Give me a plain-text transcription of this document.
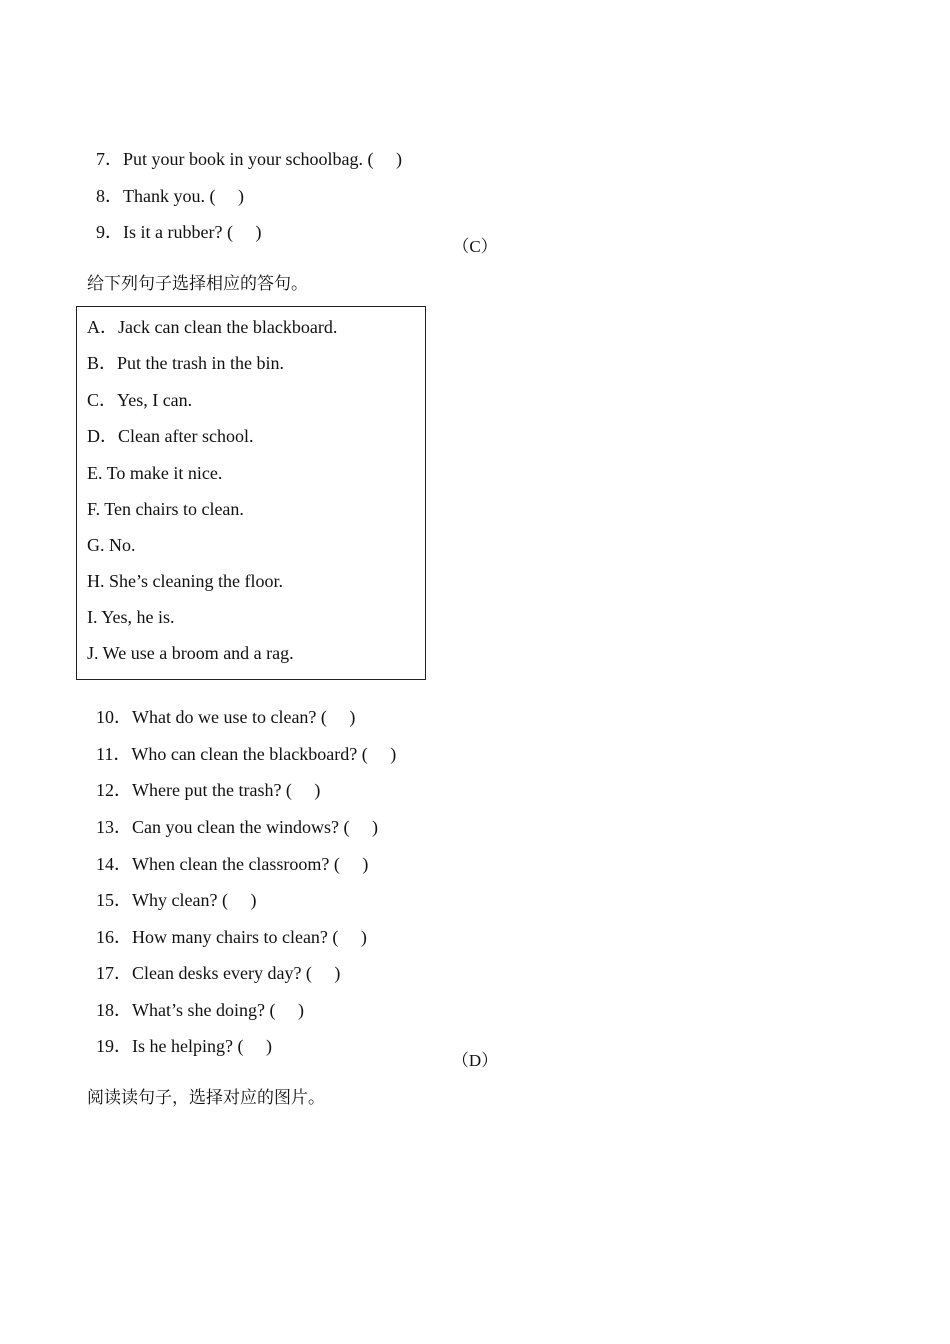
7．Put your book in your schoolbag. (     )

8．Thank you. (     )

9．Is it a rubber? (     )

（C）
给下列句子选择相应的答句。
A．Jack can clean the blackboard.
B．Put the trash in the bin.
C．Yes, I can.
D．Clean after school.
E. To make it nice.
F. Ten chairs to clean.
G. No.
H. She’s cleaning the floor.
I. Yes, he is.
J. We use a broom and a rag.

10．What do we use to clean? (     )

11．Who can clean the blackboard? (     )

12．Where put the trash? (     )

13．Can you clean the windows? (     )

14．When clean the classroom? (     )

15．Why clean? (     )

16．How many chairs to clean? (     )

17．Clean desks every day? (     )

18．What’s she doing? (     )

19．Is he helping? (     )

（D）
阅读读句子，选择对应的图片。
